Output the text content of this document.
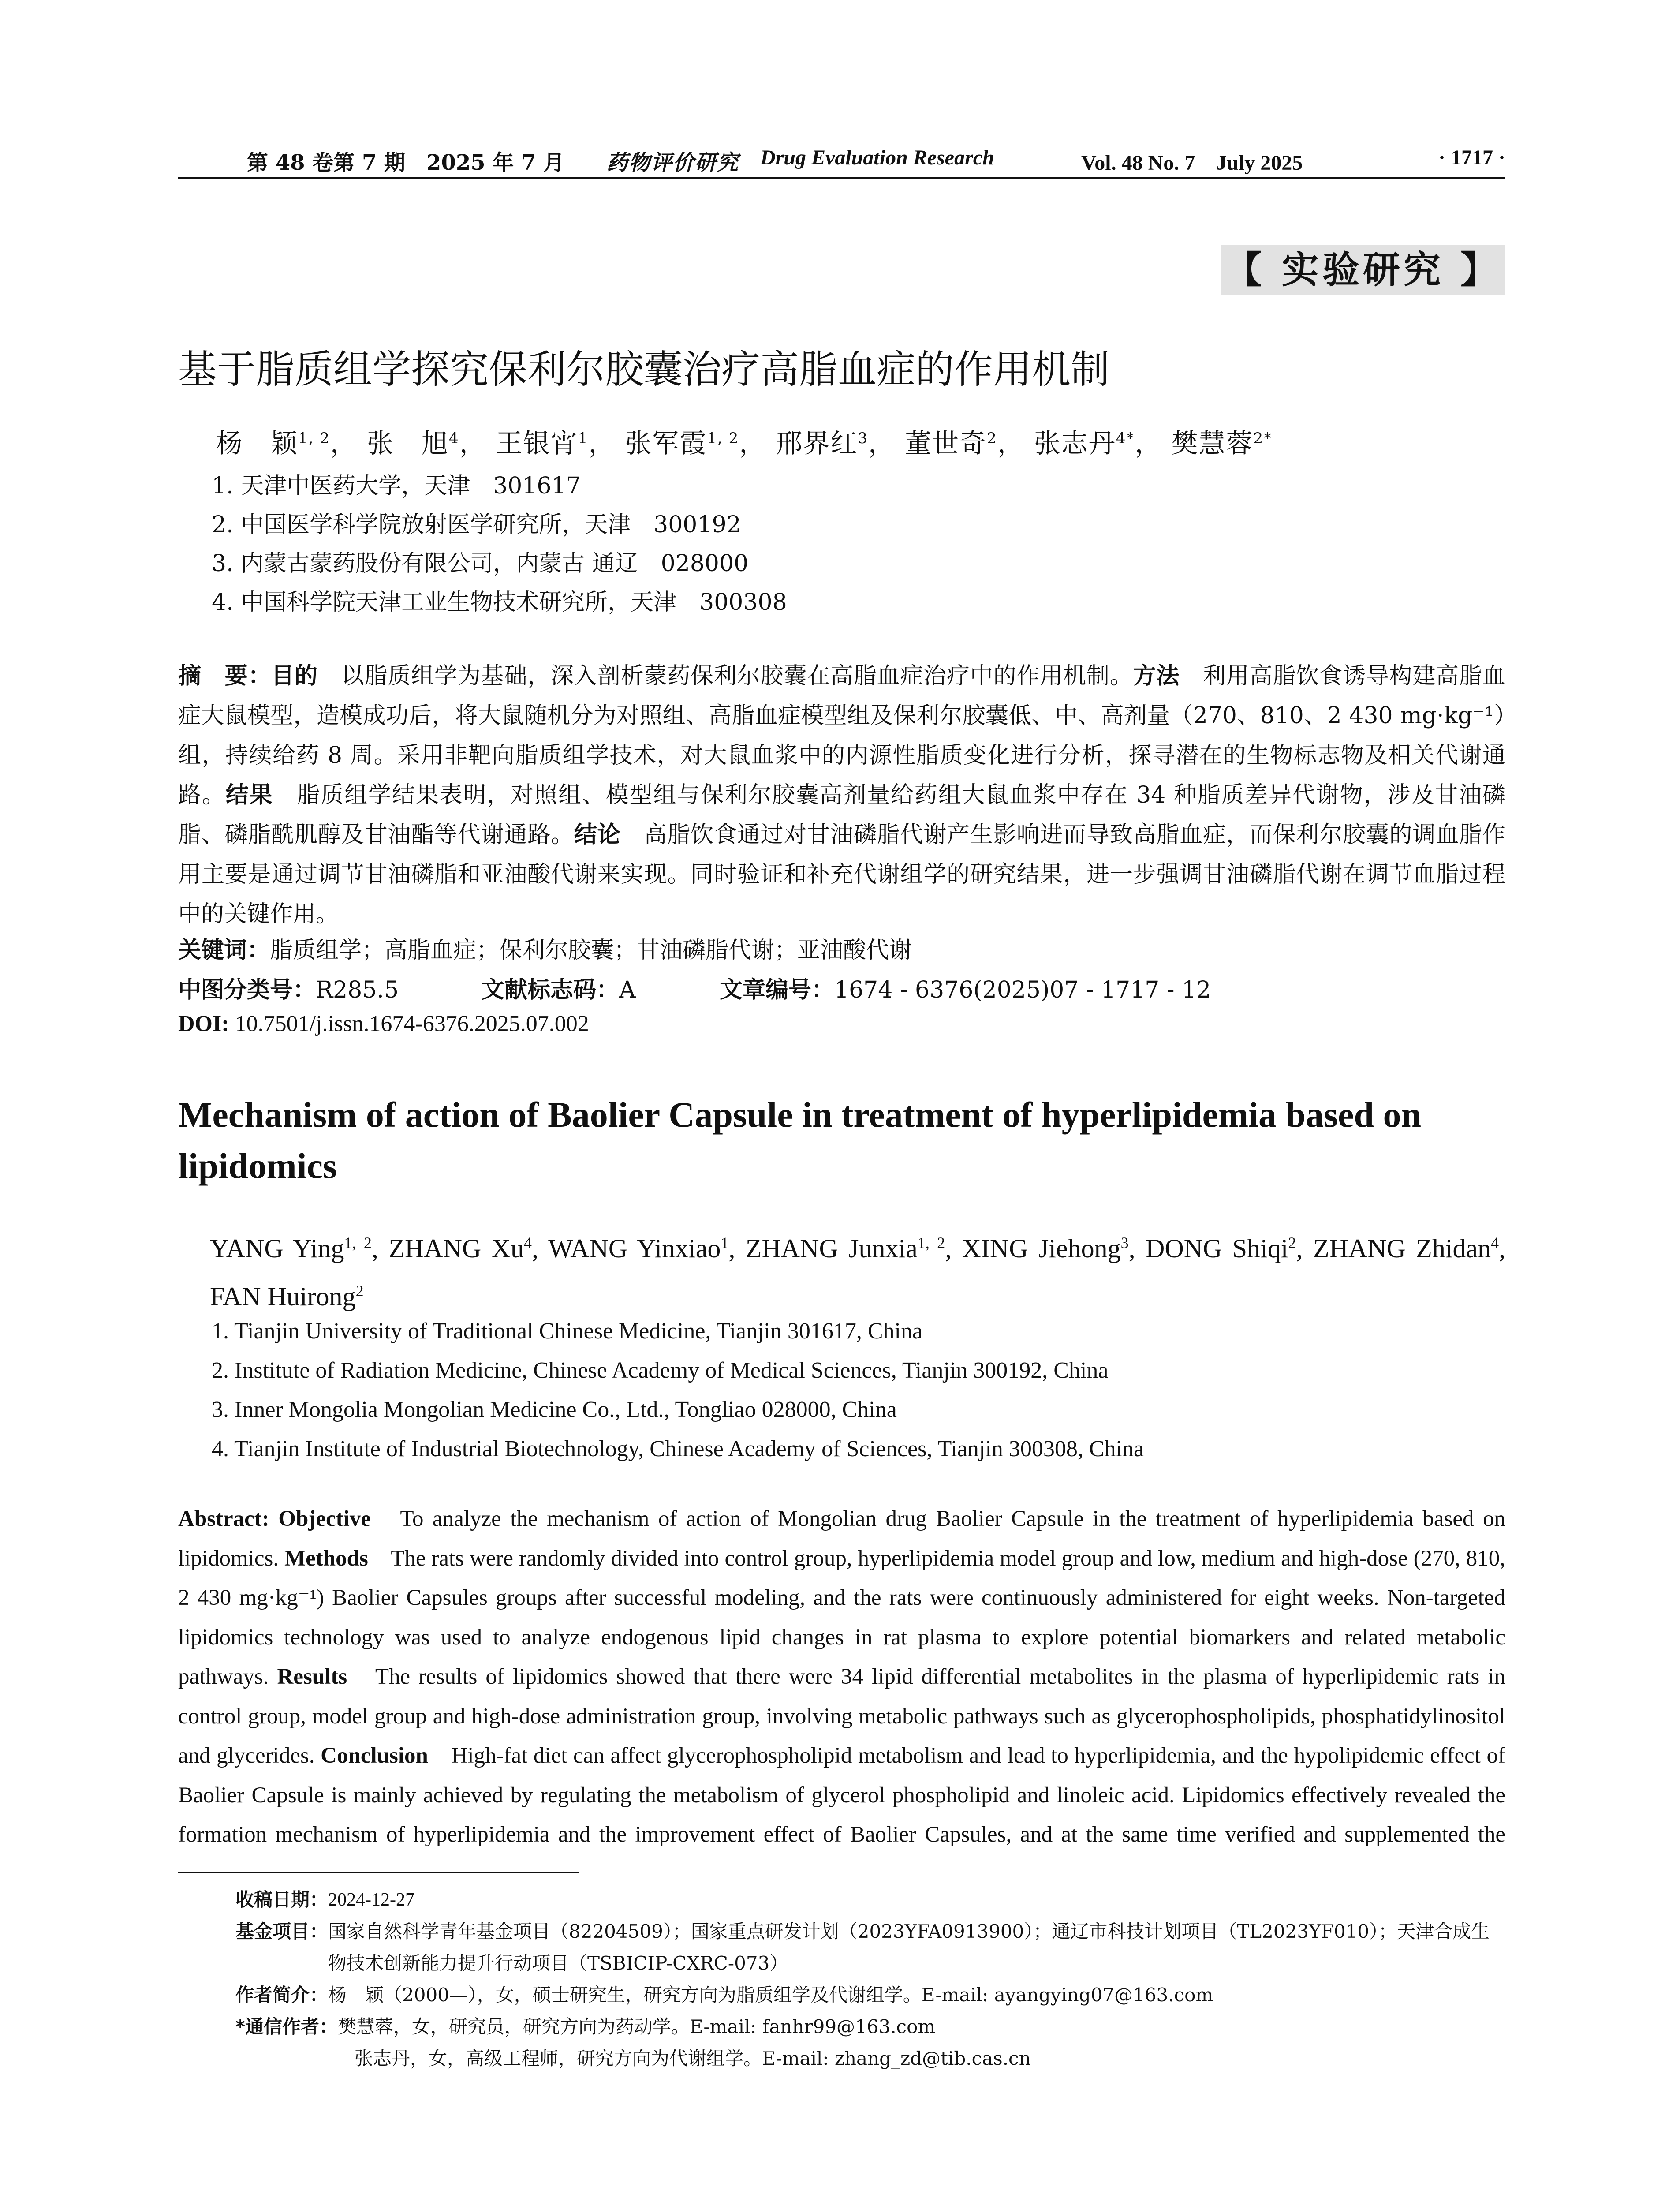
第 48 卷第 7 期　2025 年 7 月 药物评价研究 Drug Evaluation Research	Vol. 48 No. 7　July 2025	· 1717 ·
【 实验研究 】
基于脂质组学探究保利尔胶囊治疗高脂血症的作用机制
杨　颖$^{1, 2}$， 张　旭$^4$， 王银宵$^1$， 张军霞$^{1, 2}$， 邢界红$^3$， 董世奇$^2$， 张志丹$^{4*}$， 樊慧蓉$^{2*}$
1. 天津中医药大学，天津　301617
2. 中国医学科学院放射医学研究所，天津　300192
3. 内蒙古蒙药股份有限公司，内蒙古 通辽　028000
4. 中国科学院天津工业生物技术研究所，天津　300308
摘　要：目的　以脂质组学为基础，深入剖析蒙药保利尔胶囊在高脂血症治疗中的作用机制。方法　利用高脂饮食诱导构建高脂血症大鼠模型，造模成功后，将大鼠随机分为对照组、高脂血症模型组及保利尔胶囊低、中、高剂量（270、810、2 430 mg·kg⁻¹）组，持续给药 8 周。采用非靶向脂质组学技术，对大鼠血浆中的内源性脂质变化进行分析，探寻潜在的生物标志物及相关代谢通路。结果　脂质组学结果表明，对照组、模型组与保利尔胶囊高剂量给药组大鼠血浆中存在 34 种脂质差异代谢物，涉及甘油磷脂、磷脂酰肌醇及甘油酯等代谢通路。结论　高脂饮食通过对甘油磷脂代谢产生影响进而导致高脂血症，而保利尔胶囊的调血脂作用主要是通过调节甘油磷脂和亚油酸代谢来实现。同时验证和补充代谢组学的研究结果，进一步强调甘油磷脂代谢在调节血脂过程中的关键作用。
关键词：脂质组学；高脂血症；保利尔胶囊；甘油磷脂代谢；亚油酸代谢
中图分类号：R285.5	文献标志码：A	文章编号：1674 - 6376(2025)07 - 1717 - 12
DOI: 10.7501/j.issn.1674-6376.2025.07.002
Mechanism of action of Baolier Capsule in treatment of hyperlipidemia based on lipidomics
YANG Ying$^{1, 2}$, ZHANG Xu$^4$, WANG Yinxiao$^1$, ZHANG Junxia$^{1, 2}$, XING Jiehong$^3$, DONG Shiqi$^2$, ZHANG Zhidan$^4$, FAN Huirong$^2$
1. Tianjin University of Traditional Chinese Medicine, Tianjin 301617, China
2. Institute of Radiation Medicine, Chinese Academy of Medical Sciences, Tianjin 300192, China
3. Inner Mongolia Mongolian Medicine Co., Ltd., Tongliao 028000, China
4. Tianjin Institute of Industrial Biotechnology, Chinese Academy of Sciences, Tianjin 300308, China
Abstract: Objective　To analyze the mechanism of action of Mongolian drug Baolier Capsule in the treatment of hyperlipidemia based on lipidomics. Methods　The rats were randomly divided into control group, hyperlipidemia model group and low, medium and high-dose (270, 810, 2 430 mg·kg⁻¹) Baolier Capsules groups after successful modeling, and the rats were continuously administered for eight weeks. Non-targeted lipidomics technology was used to analyze endogenous lipid changes in rat plasma to explore potential biomarkers and related metabolic pathways. Results　The results of lipidomics showed that there were 34 lipid differential metabolites in the plasma of hyperlipidemic rats in control group, model group and high-dose administration group, involving metabolic pathways such as glycerophospholipids, phosphatidylinositol and glycerides. Conclusion　High-fat diet can affect glycerophospholipid metabolism and lead to hyperlipidemia, and the hypolipidemic effect of Baolier Capsule is mainly achieved by regulating the metabolism of glycerol phospholipid and linoleic acid. Lipidomics effectively revealed the formation mechanism of hyperlipidemia and the improvement effect of Baolier Capsules, and at the same time verified and supplemented the
收稿日期： 2024-12-27
基金项目： 国家自然科学青年基金项目（82204509）；国家重点研发计划（2023YFA0913900）；通辽市科技计划项目（TL2023YF010）；天津合成生物技术创新能力提升行动项目（TSBICIP-CXRC-073）
作者简介： 杨　颖（2000—），女，硕士研究生，研究方向为脂质组学及代谢组学。E-mail: ayangying07@163.com
*通信作者： 樊慧蓉，女，研究员，研究方向为药动学。E-mail: fanhr99@163.com
张志丹，女，高级工程师，研究方向为代谢组学。E-mail: zhang_zd@tib.cas.cn
